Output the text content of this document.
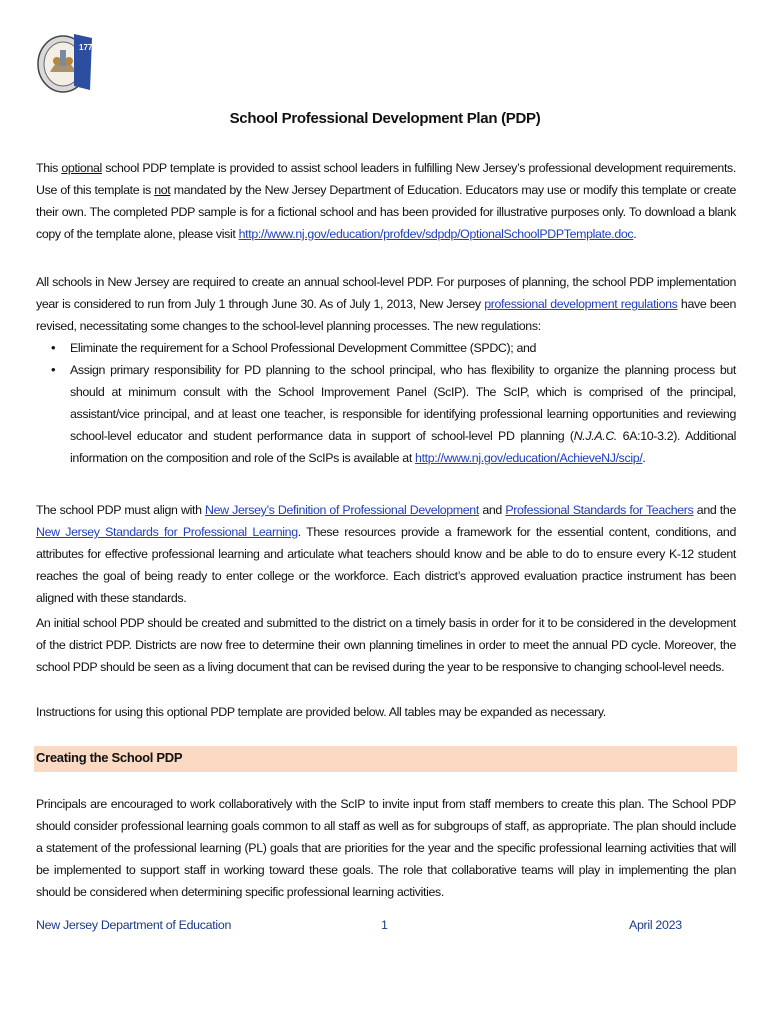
1776
School Professional Development Plan (PDP)

This optional school PDP template is provided to assist school leaders in fulfilling New Jersey’s professional development requirements. Use of this template is not mandated by the New Jersey Department of Education. Educators may use or modify this template or create their own. The completed PDP sample is for a fictional school and has been provided for illustrative purposes only. To download a blank copy of the template alone, please visit http://www.nj.gov/education/profdev/sdpdp/OptionalSchoolPDPTemplate.doc.

All schools in New Jersey are required to create an annual school-level PDP. For purposes of planning, the school PDP implementation year is considered to run from July 1 through June 30. As of July 1, 2013, New Jersey professional development regulations have been revised, necessitating some changes to the school-level planning processes. The new regulations:

• Eliminate the requirement for a School Professional Development Committee (SPDC); and
• Assign primary responsibility for PD planning to the school principal, who has flexibility to organize the planning process but should at minimum consult with the School Improvement Panel (ScIP). The ScIP, which is comprised of the principal, assistant/vice principal, and at least one teacher, is responsible for identifying professional learning opportunities and reviewing school-level educator and student performance data in support of school-level PD planning (N.J.A.C. 6A:10-3.2). Additional information on the composition and role of the ScIPs is available at http://www.nj.gov/education/AchieveNJ/scip/.

The school PDP must align with New Jersey’s Definition of Professional Development and Professional Standards for Teachers and the New Jersey Standards for Professional Learning. These resources provide a framework for the essential content, conditions, and attributes for effective professional learning and articulate what teachers should know and be able to do to ensure every K-12 student reaches the goal of being ready to enter college or the workforce. Each district’s approved evaluation practice instrument has been aligned with these standards.

An initial school PDP should be created and submitted to the district on a timely basis in order for it to be considered in the development of the district PDP. Districts are now free to determine their own planning timelines in order to meet the annual PD cycle. Moreover, the school PDP should be seen as a living document that can be revised during the year to be responsive to changing school-level needs.

Instructions for using this optional PDP template are provided below. All tables may be expanded as necessary.

Creating the School PDP

Principals are encouraged to work collaboratively with the ScIP to invite input from staff members to create this plan. The School PDP should consider professional learning goals common to all staff as well as for subgroups of staff, as appropriate. The plan should include a statement of the professional learning (PL) goals that are priorities for the year and the specific professional learning activities that will be implemented to support staff in working toward these goals. The role that collaborative teams will play in implementing the plan should be considered when determining specific professional learning activities.

New Jersey Department of Education	1	April 2023
